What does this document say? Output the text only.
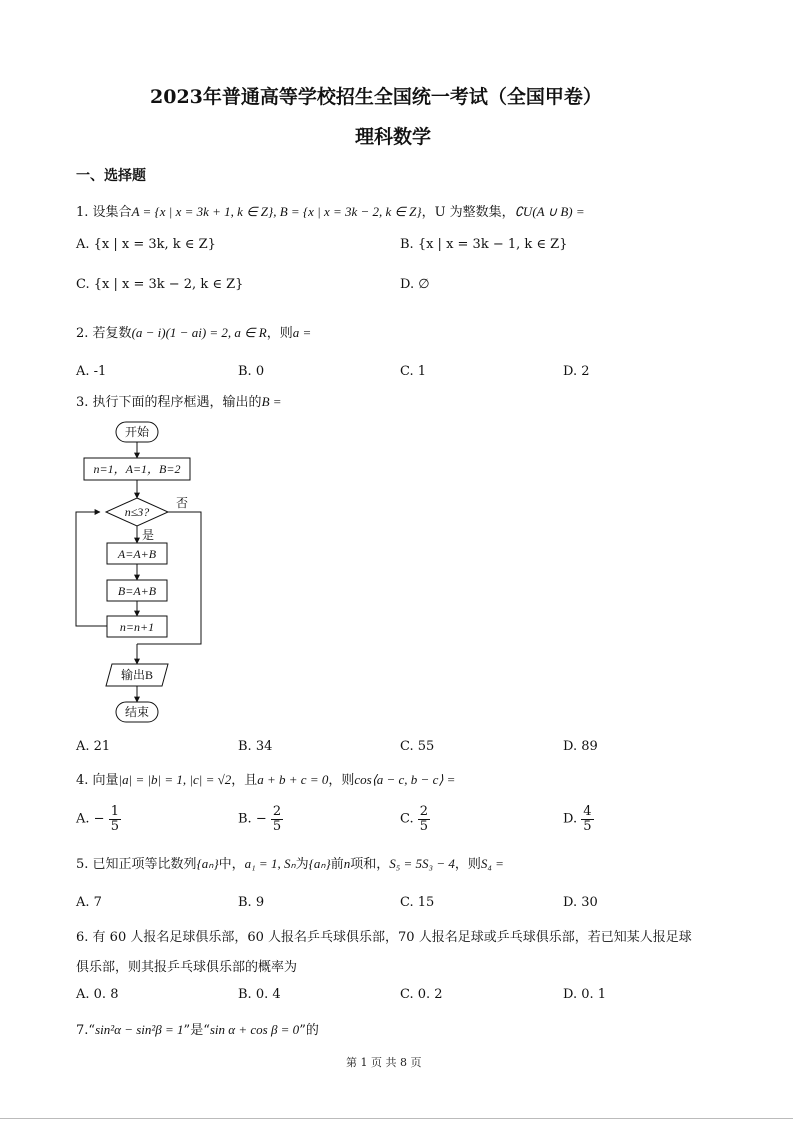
2023年普通高等学校招生全国统一考试（全国甲卷）
理科数学
一、选择题
1. 设集合A = {x | x = 3k + 1, k ∈ Z}, B = {x | x = 3k − 2, k ∈ Z}，U 为整数集，∁U(A ∪ B) =
A. {x | x = 3k, k ∈ Z}	B. {x | x = 3k − 1, k ∈ Z}
C. {x | x = 3k − 2, k ∈ Z}	D. ∅
2. 若复数(a − i)(1 − ai) = 2, a ∈ R，则a =
A. -1	B. 0	C. 1	D. 2
3. 执行下面的程序框遇，输出的B =
开始
n=1，A=1，B=2
n≤3?
否
是
A=A+B
B=A+B
n=n+1
输出B
结束
A. 21	B. 34	C. 55	D. 89
4. 向量|a| = |b| = 1, |c| = √2，且a + b + c = 0，则cos⟨a − c, b − c⟩ =
A. − $\frac{1}{5}$	B. − $\frac{2}{5}$	C. $\frac{2}{5}$	D. $\frac{4}{5}$
5. 已知正项等比数列{aₙ}中，a₁ = 1, Sₙ为{aₙ}前n项和，S₅ = 5S₃ − 4，则S₄ =
A. 7	B. 9	C. 15	D. 30
6. 有 60 人报名足球俱乐部，60 人报名乒乓球俱乐部，70 人报名足球或乒乓球俱乐部，若已知某人报足球
俱乐部，则其报乒乓球俱乐部的概率为
A. 0. 8	B. 0. 4	C. 0. 2	D. 0. 1
7.“sin²α − sin²β = 1”是“sin α + cos β = 0”的
第 1 页 共 8 页
